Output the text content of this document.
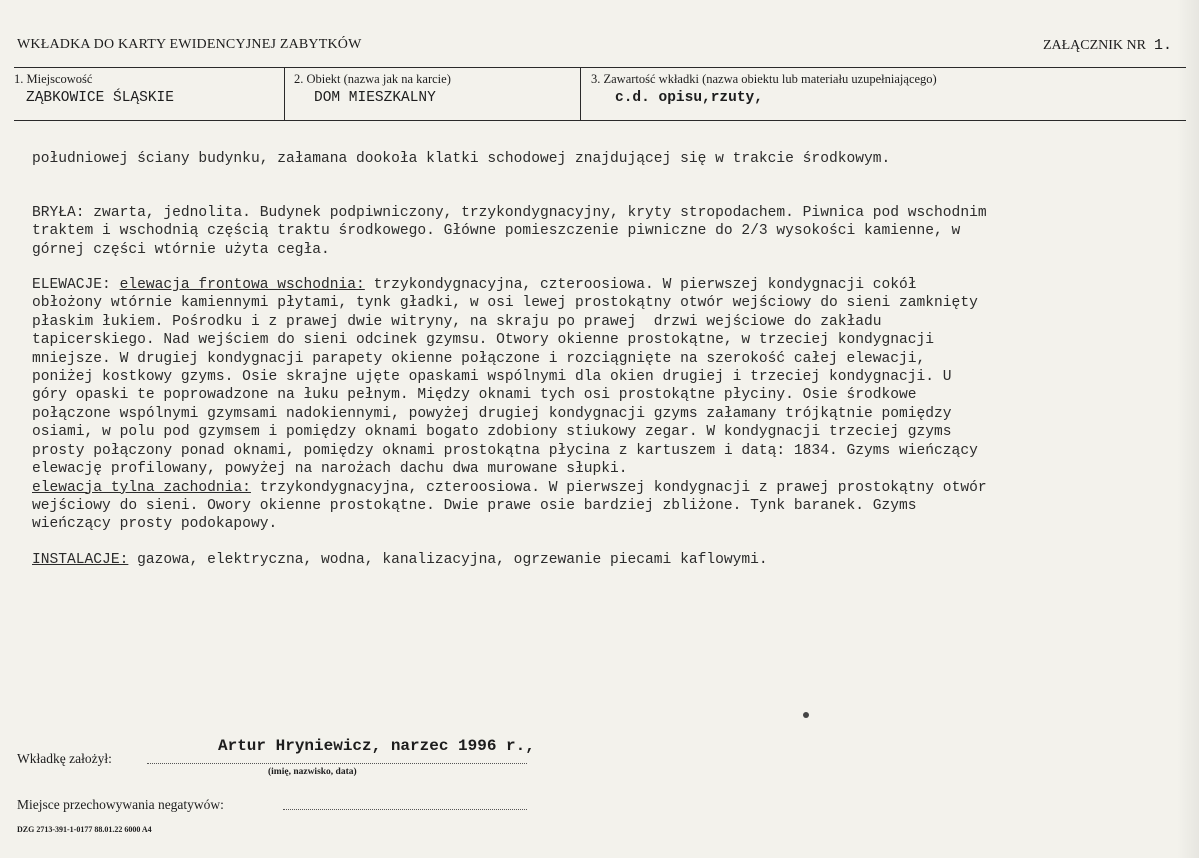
WKŁADKA DO KARTY EWIDENCYJNEJ ZABYTKÓW	ZAŁĄCZNIK NR 1.
1. Miejscowość
ZĄBKOWICE ŚLĄSKIE
2. Obiekt (nazwa jak na karcie)
DOM MIESZKALNY
3. Zawartość wkładki (nazwa obiektu lub materiału uzupełniającego)
c.d. opisu,rzuty,

południowej ściany budynku, załamana dookoła klatki schodowej znajdującej się w trakcie środkowym.

BRYŁA: zwarta, jednolita. Budynek podpiwniczony, trzykondygnacyjny, kryty stropodachem. Piwnica pod wschodnim
traktem i wschodnią częścią traktu środkowego. Główne pomieszczenie piwniczne do 2/3 wysokości kamienne, w
górnej części wtórnie użyta cegła.

ELEWACJE: elewacja frontowa wschodnia: trzykondygnacyjna, czteroosiowa. W pierwszej kondygnacji cokół
obłożony wtórnie kamiennymi płytami, tynk gładki, w osi lewej prostokątny otwór wejściowy do sieni zamknięty
płaskim łukiem. Pośrodku i z prawej dwie witryny, na skraju po prawej  drzwi wejściowe do zakładu
tapicerskiego. Nad wejściem do sieni odcinek gzymsu. Otwory okienne prostokątne, w trzeciej kondygnacji
mniejsze. W drugiej kondygnacji parapety okienne połączone i rozciągnięte na szerokość całej elewacji,
poniżej kostkowy gzyms. Osie skrajne ujęte opaskami wspólnymi dla okien drugiej i trzeciej kondygnacji. U
góry opaski te poprowadzone na łuku pełnym. Między oknami tych osi prostokątne płyciny. Osie środkowe
połączone wspólnymi gzymsami nadokiennymi, powyżej drugiej kondygnacji gzyms załamany trójkątnie pomiędzy
osiami, w polu pod gzymsem i pomiędzy oknami bogato zdobiony stiukowy zegar. W kondygnacji trzeciej gzyms
prosty połączony ponad oknami, pomiędzy oknami prostokątna płycina z kartuszem i datą: 1834. Gzyms wieńczący
elewację profilowany, powyżej na narożach dachu dwa murowane słupki.
elewacja tylna zachodnia: trzykondygnacyjna, czteroosiowa. W pierwszej kondygnacji z prawej prostokątny otwór
wejściowy do sieni. Owory okienne prostokątne. Dwie prawe osie bardziej zbliżone. Tynk baranek. Gzyms
wieńczący prosty podokapowy.

INSTALACJE: gazowa, elektryczna, wodna, kanalizacyjna, ogrzewanie piecami kaflowymi.

Wkładkę założył:
Artur Hryniewicz, narzec 1996 r.,
(imię, nazwisko, data)
Miejsce przechowywania negatywów:
DZG 2713-391-1-0177 88.01.22 6000 A4
